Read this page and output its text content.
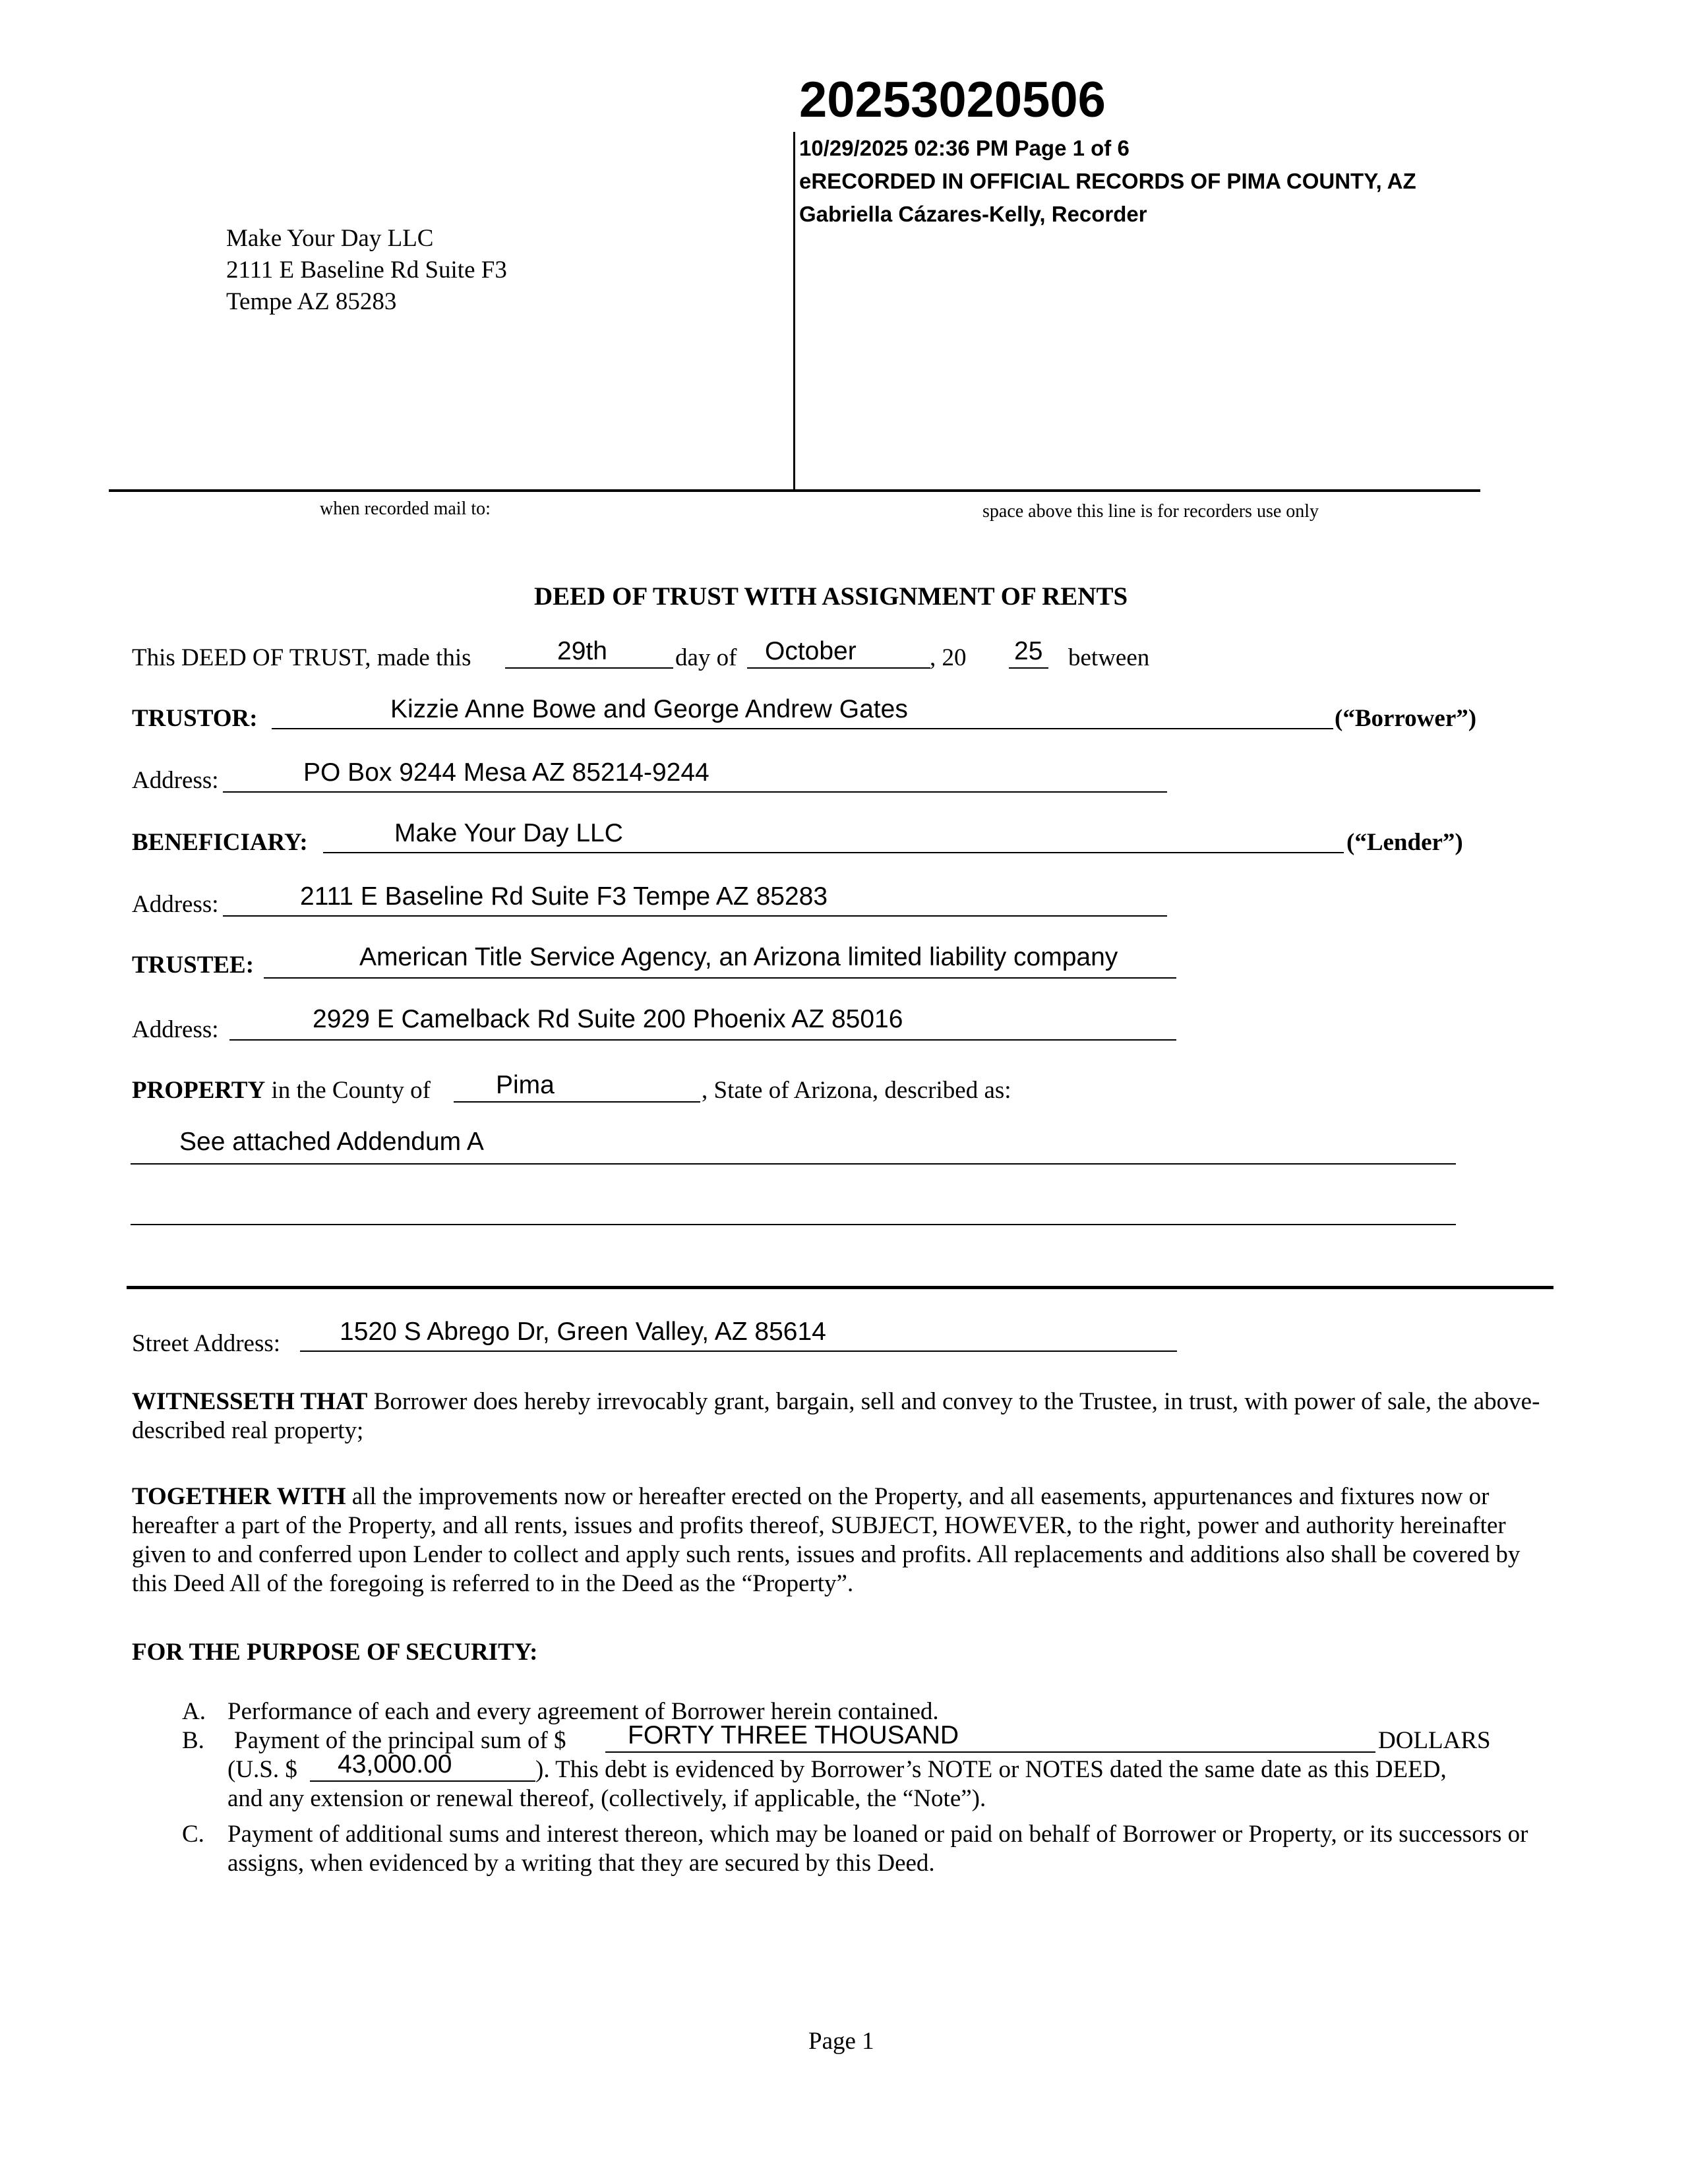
20253020506
10/29/2025 02:36 PM Page 1 of 6
eRECORDED IN OFFICIAL RECORDS OF PIMA COUNTY, AZ
Gabriella Cázares-Kelly, Recorder
Make Your Day LLC
2111 E Baseline Rd Suite F3
Tempe AZ 85283
when recorded mail to:	space above this line is for recorders use only
DEED OF TRUST WITH ASSIGNMENT OF RENTS
This DEED OF TRUST, made this	29th	day of October	, 20 25 between
TRUSTOR:	Kizzie Anne Bowe and George Andrew Gates	(“Borrower”)
Address:	PO Box 9244 Mesa AZ 85214-9244
BENEFICIARY:	Make Your Day LLC	(“Lender”)
Address:	2111 E Baseline Rd Suite F3 Tempe AZ 85283
TRUSTEE:	American Title Service Agency, an Arizona limited liability company
Address:	2929 E Camelback Rd Suite 200 Phoenix AZ 85016
PROPERTY in the County of	Pima	, State of Arizona, described as:
See attached Addendum A
Street Address: 1520 S Abrego Dr, Green Valley, AZ 85614
WITNESSETH THAT Borrower does hereby irrevocably grant, bargain, sell and convey to the Trustee, in trust, with power of sale, the above-described real property;
TOGETHER WITH all the improvements now or hereafter erected on the Property, and all easements, appurtenances and fixtures now or hereafter a part of the Property, and all rents, issues and profits thereof, SUBJECT, HOWEVER, to the right, power and authority hereinafter given to and conferred upon Lender to collect and apply such rents, issues and profits. All replacements and additions also shall be covered by this Deed All of the foregoing is referred to in the Deed as the “Property”.
FOR THE PURPOSE OF SECURITY:
A. Performance of each and every agreement of Borrower herein contained.
B. Payment of the principal sum of $ FORTY THREE THOUSAND	DOLLARS
(U.S. $ 43,000.00	). This debt is evidenced by Borrower’s NOTE or NOTES dated the same date as this DEED,
and any extension or renewal thereof, (collectively, if applicable, the “Note”).
C. Payment of additional sums and interest thereon, which may be loaned or paid on behalf of Borrower or Property, or its successors or assigns, when evidenced by a writing that they are secured by this Deed.
Page 1
